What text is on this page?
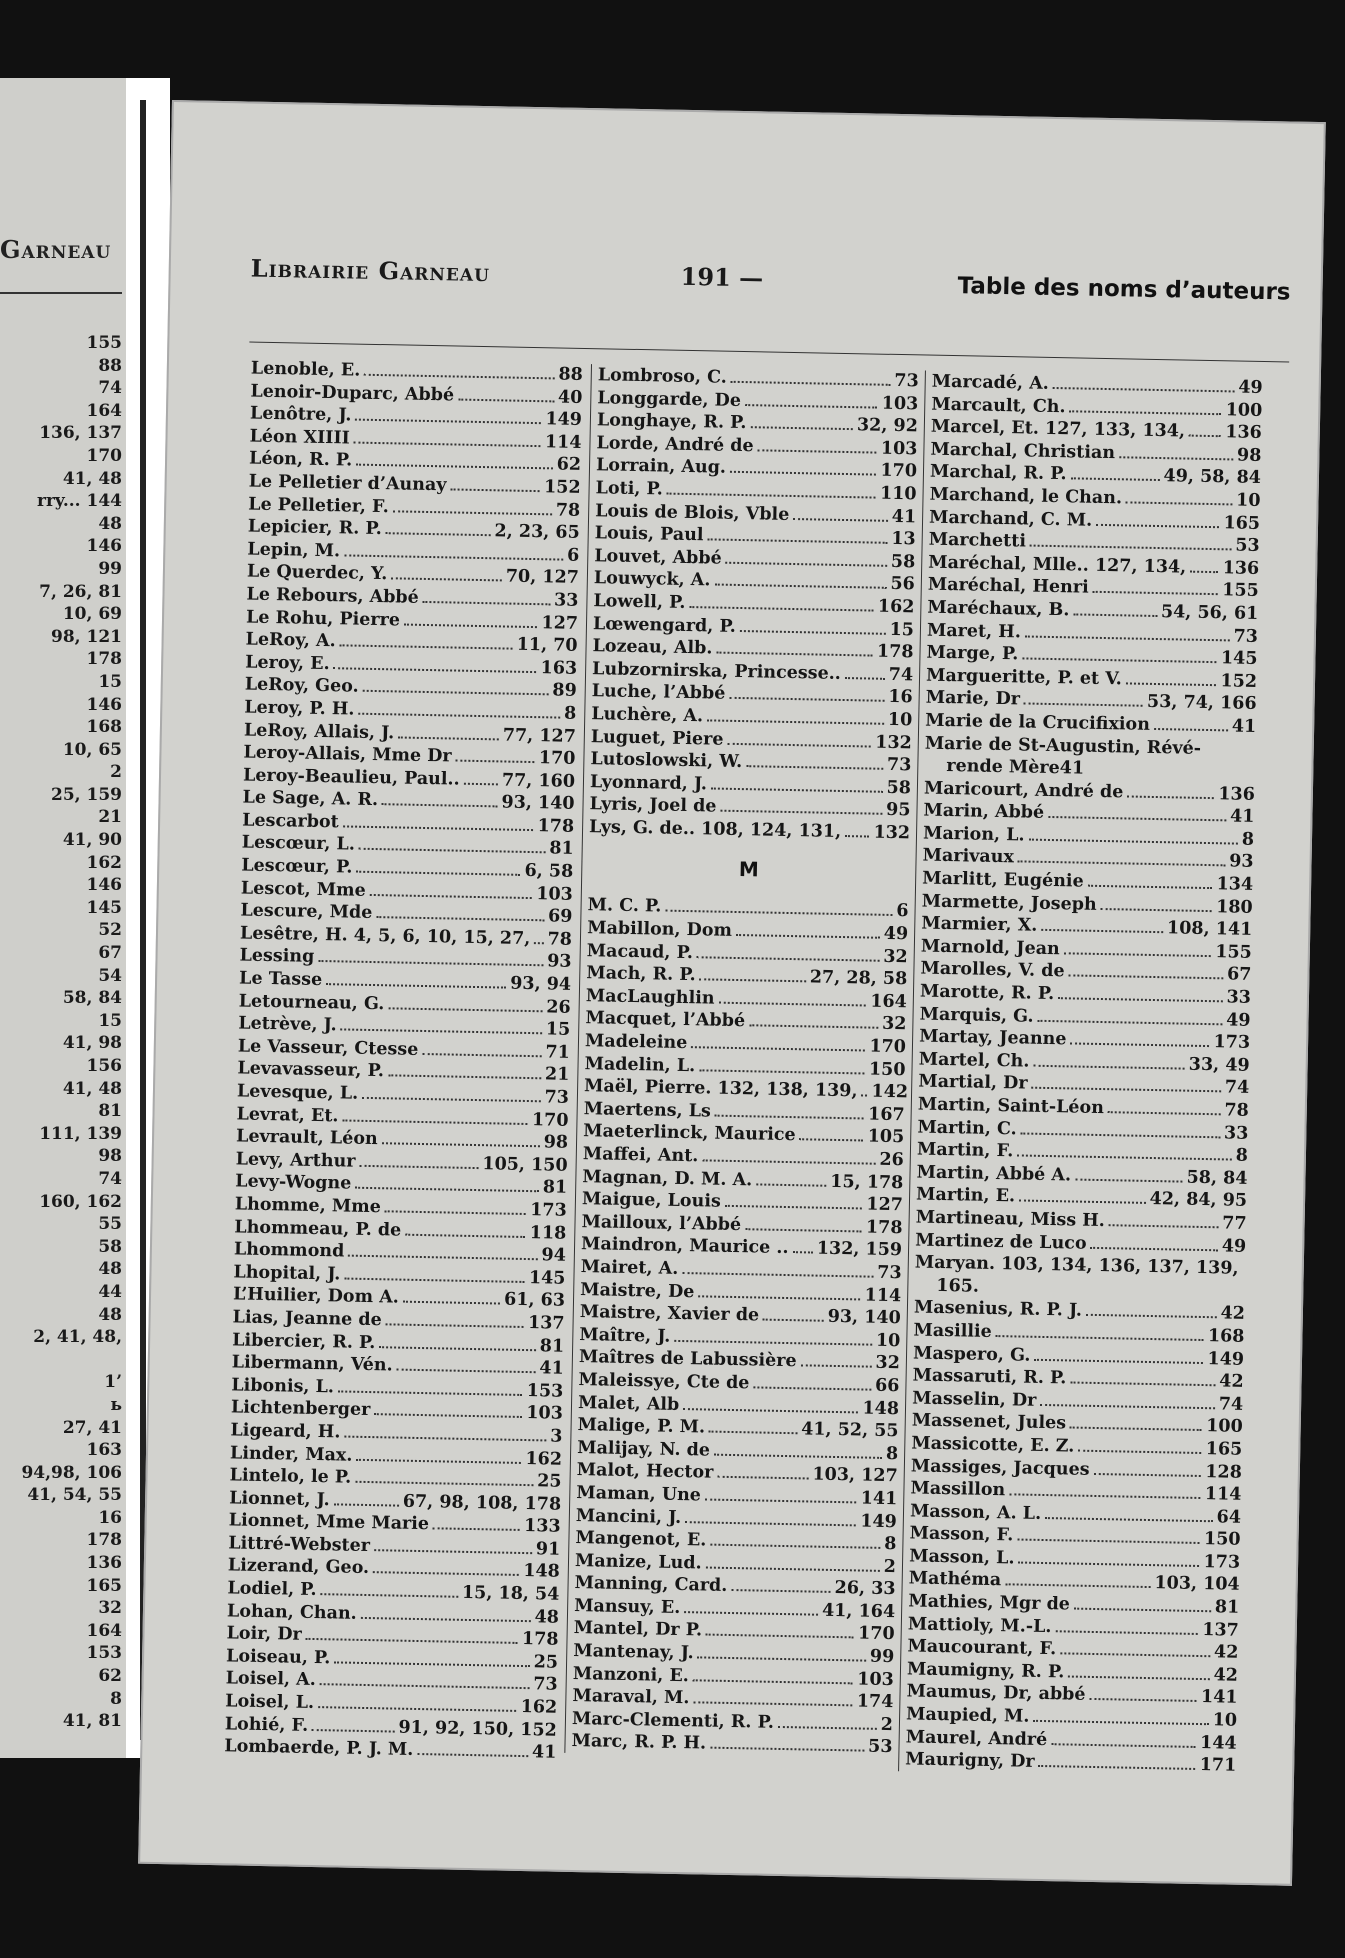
Garneau
155
88
74
164
136, 137
170
41, 48
rry... 144
48
146
99
7, 26, 81
10, 69
98, 121
178
15
146
168
10, 65
2
25, 159
21
41, 90
162
146
145
52
67
54
58, 84
15
41, 98
156
41, 48
81
111, 139
98
74
160, 162
55
58
48
44
48
2, 41, 48,
1’
ь
27, 41
163
94,98, 106
41, 54, 55
16
178
136
165
32
164
153
62
8
41, 81
Librairie Garneau	191 —	Table des noms d’auteurs
Lenoble, E.	88
Lenoir-Duparc, Abbé	40
Lenôtre, J.	149
Léon XIIII	114
Léon, R. P.	62
Le Pelletier d’Aunay	152
Le Pelletier, F.	78
Lepicier, R. P.	2, 23, 65
Lepin, M.	6
Le Querdec, Y.	70, 127
Le Rebours, Abbé	33
Le Rohu, Pierre	127
LeRoy, A.	11, 70
Leroy, E.	163
LeRoy, Geo.	89
Leroy, P. H.	8
LeRoy, Allais, J.	77, 127
Leroy-Allais, Mme Dr	170
Leroy-Beaulieu, Paul.. 77, 160
Le Sage, A. R.	93, 140
Lescarbot	178
Lescœur, L.	81
Lescœur, P.	6, 58
Lescot, Mme	103
Lescure, Mde	69
Lesêtre, H. 4, 5, 6, 10, 15, 27, 78
Lessing	93
Le Tasse	93, 94
Letourneau, G.	26
Letrève, J.	15
Le Vasseur, Ctesse	71
Levavasseur, P.	21
Levesque, L.	73
Levrat, Et.	170
Levrault, Léon	98
Levy, Arthur	105, 150
Levy-Wogne	81
Lhomme, Mme	173
Lhommeau, P. de	118
Lhommond	94
Lhopital, J.	145
L’Huilier, Dom A.	61, 63
Lias, Jeanne de	137
Libercier, R. P.	81
Libermann, Vén.	41
Libonis, L.	153
Lichtenberger	103
Ligeard, H.	3
Linder, Max.	162
Lintelo, le P.	25
Lionnet, J.	67, 98, 108, 178
Lionnet, Mme Marie	133
Littré-Webster	91
Lizerand, Geo.	148
Lodiel, P.	15, 18, 54
Lohan, Chan.	48
Loir, Dr	178
Loiseau, P.	25
Loisel, A.	73
Loisel, L.	162
Lohié, F.	91, 92, 150, 152
Lombaerde, P. J. M.	41
Lombroso, C.	73
Longgarde, De	103
Longhaye, R. P.	32, 92
Lorde, André de	103
Lorrain, Aug.	170
Loti, P.	110
Louis de Blois, Vble	41
Louis, Paul	13
Louvet, Abbé	58
Louwyck, A.	56
Lowell, P.	162
Lœwengard, P.	15
Lozeau, Alb.	178
Lubzornirska, Princesse..	74
Luche, l’Abbé	16
Luchère, A.	10
Luguet, Piere	132
Lutoslowski, W.	73
Lyonnard, J.	58
Lyris, Joel de	95
Lys, G. de.. 108, 124, 131, 132
M
M. C. P.	6
Mabillon, Dom	49
Macaud, P.	32
Mach, R. P.	27, 28, 58
MacLaughlin	164
Macquet, l’Abbé	32
Madeleine	170
Madelin, L.	150
Maël, Pierre. 132, 138, 139, 142
Maertens, Ls	167
Maeterlinck, Maurice	105
Maffei, Ant.	26
Magnan, D. M. A.	15, 178
Maigue, Louis	127
Mailloux, l’Abbé	178
Maindron, Maurice .. 132, 159
Mairet, A.	73
Maistre, De	114
Maistre, Xavier de	93, 140
Maître, J.	10
Maîtres de Labussière	32
Maleissye, Cte de	66
Malet, Alb	148
Malige, P. M.	41, 52, 55
Malijay, N. de	8
Malot, Hector	103, 127
Maman, Une	141
Mancini, J.	149
Mangenot, E.	8
Manize, Lud.	2
Manning, Card.	26, 33
Mansuy, E.	41, 164
Mantel, Dr P.	170
Mantenay, J.	99
Manzoni, E.	103
Maraval, M.	174
Marc-Clementi, R. P.	2
Marc, R. P. H.	53
Marcadé, A.	49
Marcault, Ch.	100
Marcel, Et. 127, 133, 134, 136
Marchal, Christian	98
Marchal, R. P.	49, 58, 84
Marchand, le Chan.	10
Marchand, C. M.	165
Marchetti	53
Maréchal, Mlle.. 127, 134, 136
Maréchal, Henri	155
Maréchaux, B.	54, 56, 61
Maret, H.	73
Marge, P.	145
Margueritte, P. et V.	152
Marie, Dr	53, 74, 166
Marie de la Crucifixion	41
Marie de St-Augustin, Révé-
rende Mère 41
Maricourt, André de	136
Marin, Abbé	41
Marion, L.	8
Marivaux	93
Marlitt, Eugénie	134
Marmette, Joseph	180
Marmier, X.	108, 141
Marnold, Jean	155
Marolles, V. de	67
Marotte, R. P.	33
Marquis, G.	49
Martay, Jeanne	173
Martel, Ch.	33, 49
Martial, Dr	74
Martin, Saint-Léon	78
Martin, C.	33
Martin, F.	8
Martin, Abbé A.	58, 84
Martin, E.	42, 84, 95
Martineau, Miss H.	77
Martinez de Luco	49
Maryan. 103, 134, 136, 137, 139,
165.
Masenius, R. P. J.	42
Masillie	168
Maspero, G.	149
Massaruti, R. P.	42
Masselin, Dr	74
Massenet, Jules	100
Massicotte, E. Z.	165
Massiges, Jacques	128
Massillon	114
Masson, A. L.	64
Masson, F.	150
Masson, L.	173
Mathéma	103, 104
Mathies, Mgr de	81
Mattioly, M.-L.	137
Maucourant, F.	42
Maumigny, R. P.	42
Maumus, Dr, abbé	141
Maupied, M.	10
Maurel, André	144
Maurigny, Dr	171
